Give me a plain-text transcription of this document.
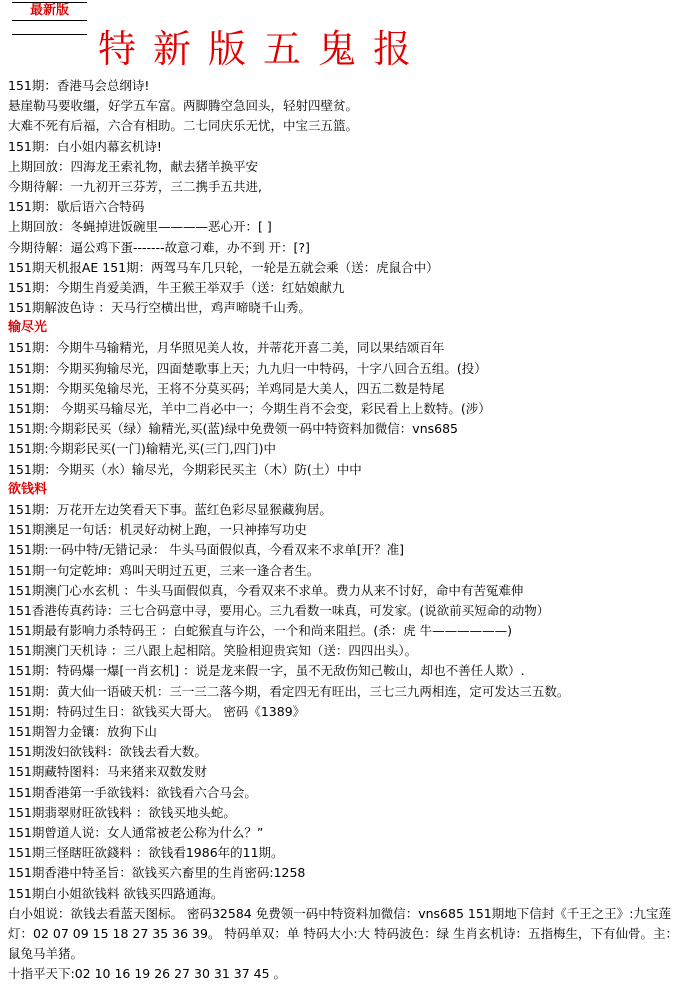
最新版
特新版五鬼报
151期：香港马会总纲诗!
悬崖勒马要收缰，好学五车富。两脚腾空急回头，轻射四壁贫。
大难不死有后福，六合有相助。二七同庆乐无忧，中宝三五篮。
151期：白小姐内幕玄机诗!
上期回放：四海龙王索礼物，献去猪羊换平安
今期待解：一九初开三芬芳，三二携手五共进,
151期：歇后语六合特码
上期回放：冬蝇掉进饭碗里————恶心开：[ ]
今期待解：逼公鸡下蛋-------故意刁难，办不到 开：[?]
151期天机报AE 151期：两驾马车几只轮，一轮是五就会乘（送：虎鼠合中）
151期：今期生肖爱美酒，牛王猴王举双手（送：红姑娘献九
151期解波色诗 ：天马行空横出世，鸡声啼晓千山秀。
输尽光
151期：今期牛马输精光，月华照见美人妆，并蒂花开喜二美，同以果结颂百年
151期：今期买狗输尽光，四面楚歌事上天；九九归一中特码，十字八回合五组。(投）
151期：今期买兔输尽光，王将不分莫买码；羊鸡同是大美人，四五二数是特尾
151期： 今期买马输尽光，羊中二肖必中一；今期生肖不会变，彩民看上上数特。(涉）
151期:今期彩民买（绿）输精光,买(蓝)绿中免费领一码中特资料加微信：vns685
151期:今期彩民买(一门)输精光,买(三门,四门)中
151期：今期买（水）输尽光，今期彩民买主（木）防(土）中中
欲钱料
151期：万花开左边笑看天下事。蓝红色彩尽显猴藏狗居。
151期澳足一句话：机灵好动树上跑，一只神捧写功史
151期:一码中特/无错记录： 牛头马面假似真，今看双来不求单[开？准]
151期一句定乾坤：鸡叫天明过五更，三来一逢合者生。
151期澳门心水玄机 ：牛头马面假似真，今看双来不求单。费力从来不讨好，命中有苦冤难伸
151香港传真药诗：三七合码意中寻，要用心。三九看数一味真，可发家。(说欲前买短命的动物）
151期最有影响力杀特码王 ：白蛇猴直与许公，一个和尚来阻拦。(杀：虎 牛——————)
151期澳门天机诗 ：三八跟上起相陪。笑脸相迎贵宾知（送：四四出头）。
151期：特码爆一爆[一肖玄机] ：说是龙来假一字，虽不无敌伤知己鞍山，却也不善任人欺）.
151期：黄大仙一语破天机：三一三二落今期，看定四无有旺出，三七三九两相连，定可发达三五数。
151期：特码过生日：欲钱买大哥大。 密码《1389》
151期智力金镶：放狗下山
151期泼妇欲钱料：欲钱去看大数。
151期藏特图料：马来猪来双数发财
151期香港第一手欲钱料：欲钱看六合马会。
151期翡翠财旺欲钱料 ：欲钱买地头蛇。
151期曾道人说：女人通常被老公称为什么？”
151期三怪瞎旺欲錢料 ：欲钱看1986年的11期。
151期香港中特圣旨：欲钱买六畜里的生肖密码:1258
151期白小姐欲钱料 欲钱买四路通海。
白小姐说：欲钱去看蓝天图标。 密码32584 免费领一码中特资料加微信：vns685 151期地下信封《千王之王》:九宝莲灯：02 07 09 15 18 27 35 36 39。 特码单双：单 特码大小:大 特码波色：绿 生肖玄机诗：五指梅生，下有仙骨。主：鼠兔马羊猪。
十指平天下:02 10 16 19 26 27 30 31 37 45 。
